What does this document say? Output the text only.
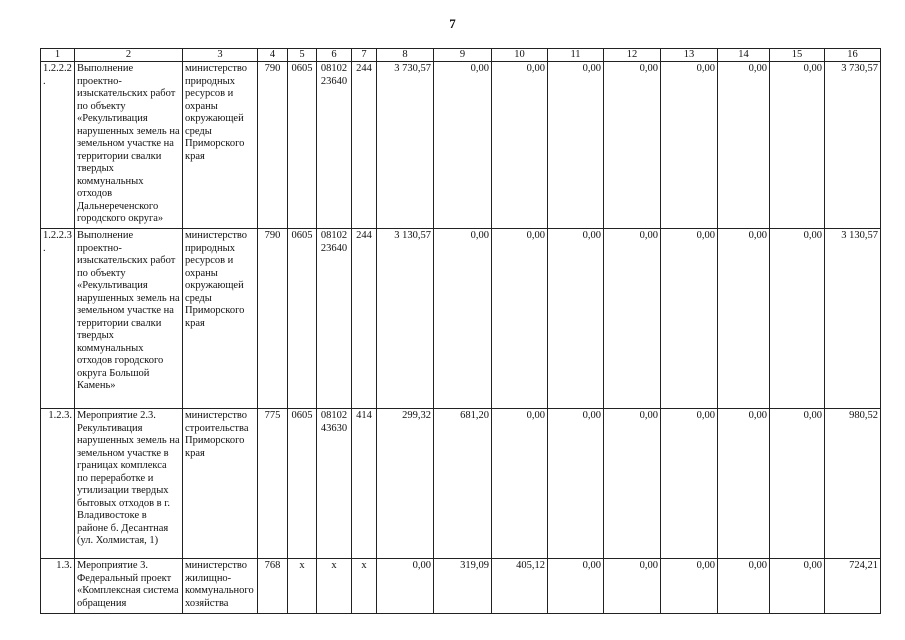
7
1	2	3	4	5	6	7	8	9	10	11	12	13	14	15	16
1.2.2.2.	Выполнение проектно-изыскательских работ по объекту «Рекультивация нарушенных земель на земельном участке на территории свалки твердых коммунальных отходов Дальнереченского городского округа»	министерство природных ресурсов и охраны окружающей среды Приморского края	790	0605	0810223640	244	3 730,57	0,00	0,00	0,00	0,00	0,00	0,00	0,00	3 730,57
1.2.2.3.	Выполнение проектно-изыскательских работ по объекту «Рекультивация нарушенных земель на земельном участке на территории свалки твердых коммунальных отходов городского округа Большой Камень»	министерство природных ресурсов и охраны окружающей среды Приморского края	790	0605	0810223640	244	3 130,57	0,00	0,00	0,00	0,00	0,00	0,00	0,00	3 130,57
1.2.3.	Мероприятие 2.3. Рекультивация нарушенных земель на земельном участке в границах комплекса по переработке и утилизации твердых бытовых отходов в г. Владивостоке в районе б. Десантная (ул. Холмистая, 1)	министерство строительства Приморского края	775	0605	0810243630	414	299,32	681,20	0,00	0,00	0,00	0,00	0,00	0,00	980,52
1.3.	Мероприятие 3. Федеральный проект «Комплексная система обращения	министерство жилищно-коммунального хозяйства	768	x	x	x	0,00	319,09	405,12	0,00	0,00	0,00	0,00	0,00	724,21
